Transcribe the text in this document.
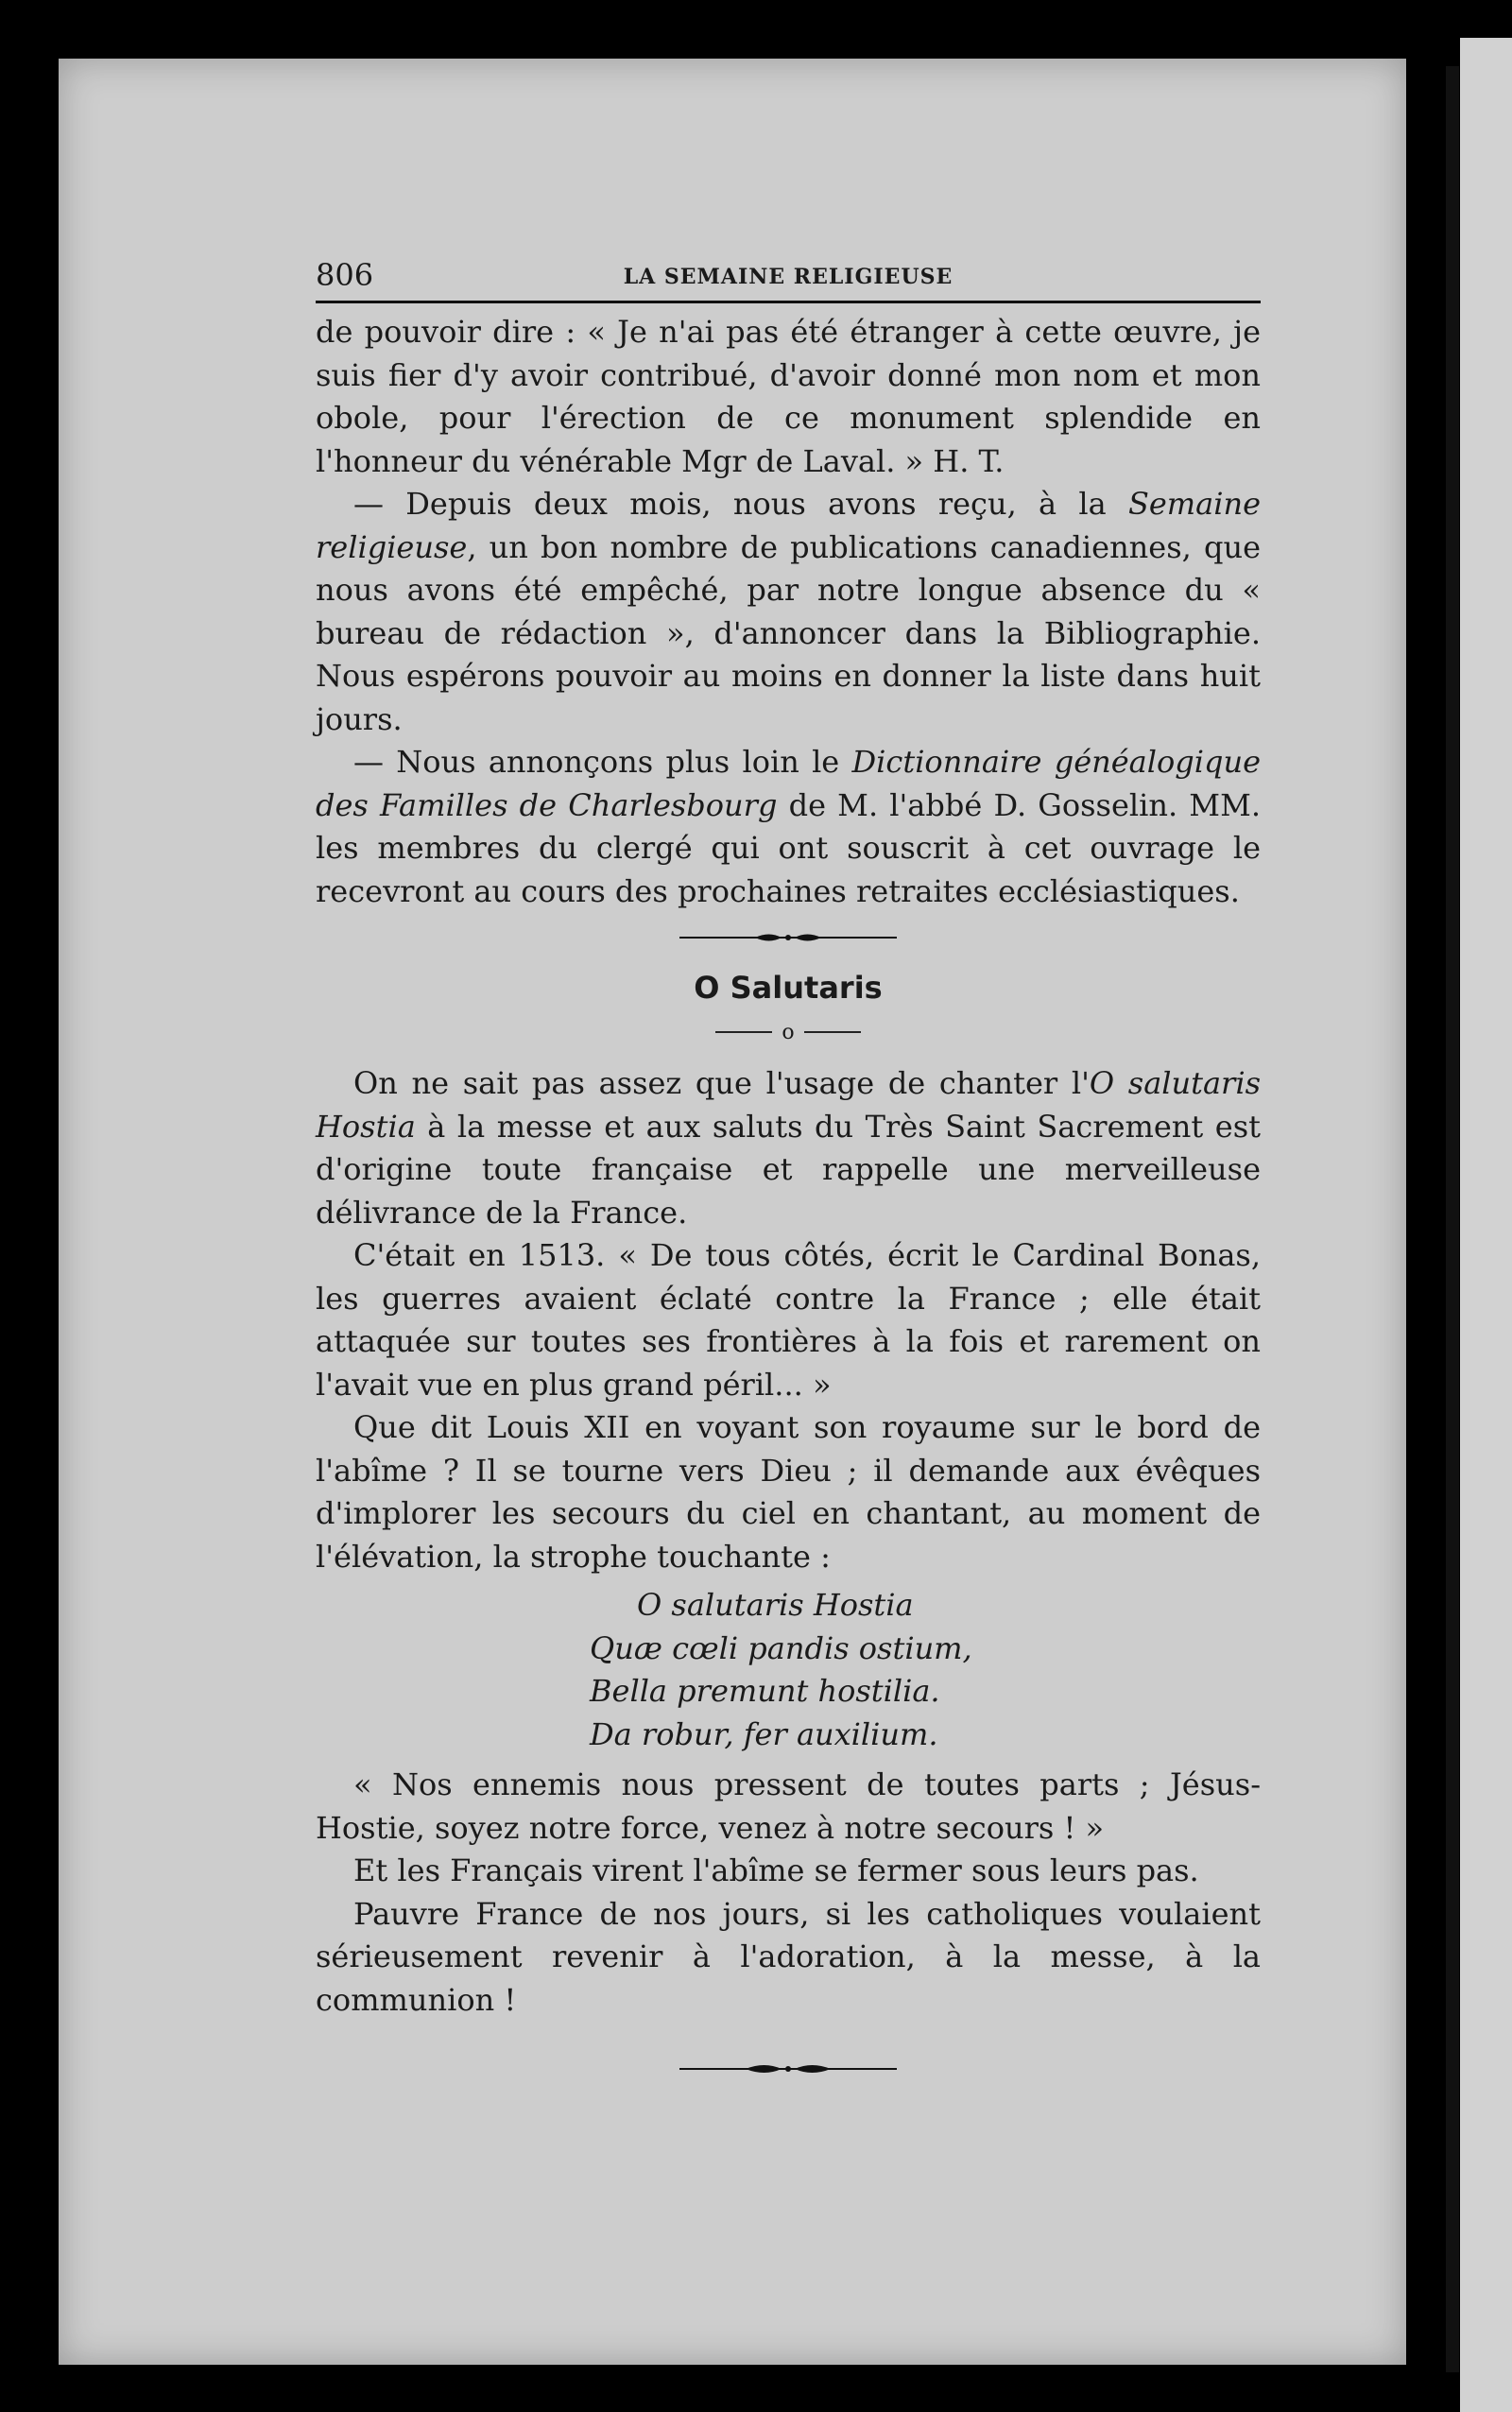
806	LA SEMAINE RELIGIEUSE

de pouvoir dire : « Je n'ai pas été étranger à cette œuvre, je suis fier d'y avoir contribué, d'avoir donné mon nom et mon obole, pour l'érection de ce monument splendide en l'honneur du vénérable Mgr de Laval. » H. T.

— Depuis deux mois, nous avons reçu, à la Semaine religieuse, un bon nombre de publications canadiennes, que nous avons été empêché, par notre longue absence du « bureau de rédaction », d'annoncer dans la Bibliographie. Nous espérons pouvoir au moins en donner la liste dans huit jours.

— Nous annonçons plus loin le Dictionnaire généalogique des Familles de Charlesbourg de M. l'abbé D. Gosselin. MM. les membres du clergé qui ont souscrit à cet ouvrage le recevront au cours des prochaines retraites ecclésiastiques.

O Salutaris
o

On ne sait pas assez que l'usage de chanter l'O salutaris Hostia à la messe et aux saluts du Très Saint Sacrement est d'origine toute française et rappelle une merveilleuse délivrance de la France.

C'était en 1513. « De tous côtés, écrit le Cardinal Bonas, les guerres avaient éclaté contre la France ; elle était attaquée sur toutes ses frontières à la fois et rarement on l'avait vue en plus grand péril... »

Que dit Louis XII en voyant son royaume sur le bord de l'abîme ? Il se tourne vers Dieu ; il demande aux évêques d'implorer les secours du ciel en chantant, au moment de l'élévation, la strophe touchante :

O salutaris Hostia
Quæ cœli pandis ostium,
Bella premunt hostilia.
Da robur, fer auxilium.

« Nos ennemis nous pressent de toutes parts ; Jésus-Hostie, soyez notre force, venez à notre secours ! »

Et les Français virent l'abîme se fermer sous leurs pas.

Pauvre France de nos jours, si les catholiques voulaient sérieusement revenir à l'adoration, à la messe, à la communion !
